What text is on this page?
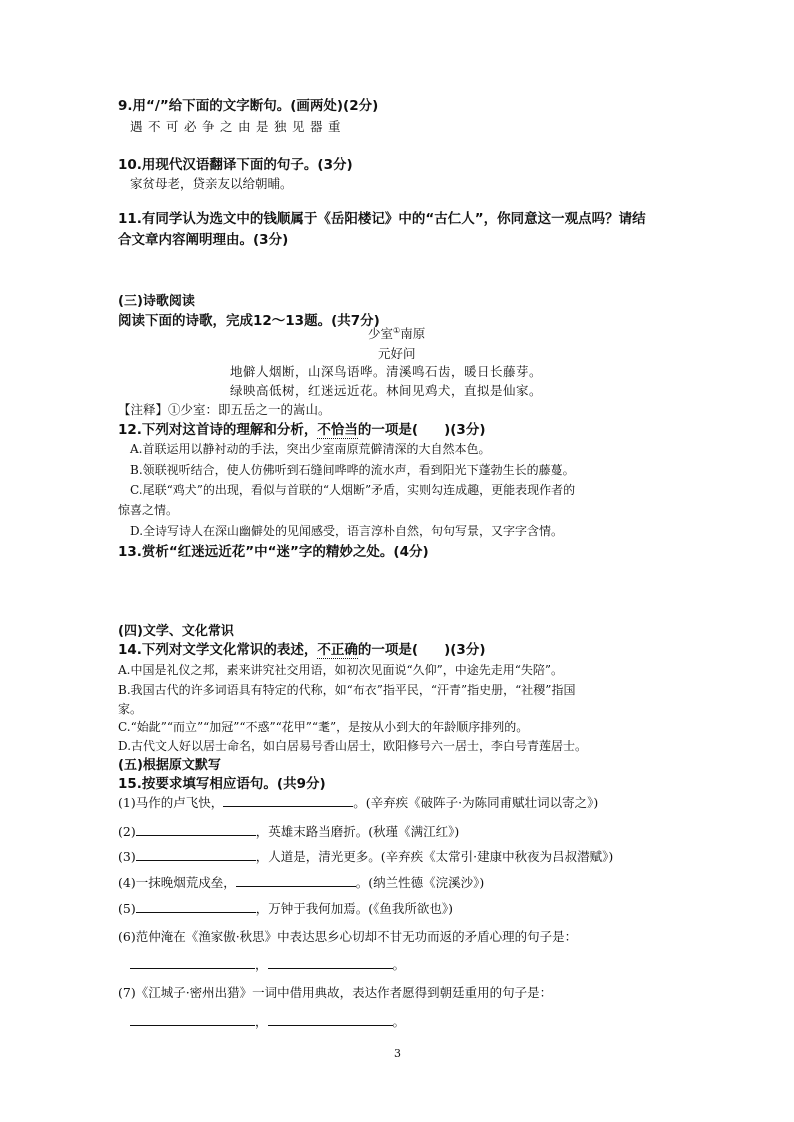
9.用“/”给下面的文字断句。(画两处)(2分)
遇不可必争之由是独见器重
10.用现代汉语翻译下面的句子。(3分)
家贫母老，贷亲友以给朝晡。
11.有同学认为选文中的钱顺属于《岳阳楼记》中的“古仁人”，你同意这一观点吗？请结
合文章内容阐明理由。(3分)
(三)诗歌阅读
阅读下面的诗歌，完成12～13题。(共7分)
少室①南原
元好问
地僻人烟断，山深鸟语哗。清溪鸣石齿，暖日长藤芽。
绿映高低树，红迷远近花。林间见鸡犬，直拟是仙家。
【注释】①少室：即五岳之一的嵩山。
12.下列对这首诗的理解和分析，不恰当的一项是( )(3分)
A.首联运用以静衬动的手法，突出少室南原荒僻清深的大自然本色。
B.领联视听结合，使人仿佛听到石缝间哗哗的流水声，看到阳光下蓬勃生长的藤蔓。
C.尾联“鸡犬”的出现，看似与首联的“人烟断”矛盾，实则勾连成趣，更能表现作者的
惊喜之情。
D.全诗写诗人在深山幽僻处的见闻感受，语言淳朴自然，句句写景，又字字含情。
13.赏析“红迷远近花”中“迷”字的精妙之处。(4分)
(四)文学、文化常识
14.下列对文学文化常识的表述，不正确的一项是( )(3分)
A.中国是礼仪之邦，素来讲究社交用语，如初次见面说“久仰”，中途先走用“失陪”。
B.我国古代的许多词语具有特定的代称，如“布衣”指平民，“汗青”指史册，“社稷”指国
家。
C.“始龀”“而立”“加冠”“不惑”“花甲”“耄”，是按从小到大的年龄顺序排列的。
D.古代文人好以居士命名，如白居易号香山居士，欧阳修号六一居士，李白号青莲居士。
(五)根据原文默写
15.按要求填写相应语句。(共9分)
(1)马作的卢飞快，	。(辛弃疾《破阵子·为陈同甫赋壮词以寄之》)
(2)	，英雄末路当磨折。(秋瑾《满江红》)
(3)	，人道是，清光更多。(辛弃疾《太常引·建康中秋夜为吕叔潜赋》)
(4)一抹晚烟荒戍垒，	。(纳兰性德《浣溪沙》)
(5)	，万钟于我何加焉。(《鱼我所欲也》)
(6)范仲淹在《渔家傲·秋思》中表达思乡心切却不甘无功而返的矛盾心理的句子是：
，	。
(7)《江城子·密州出猎》一词中借用典故，表达作者愿得到朝廷重用的句子是：
，	。
3
